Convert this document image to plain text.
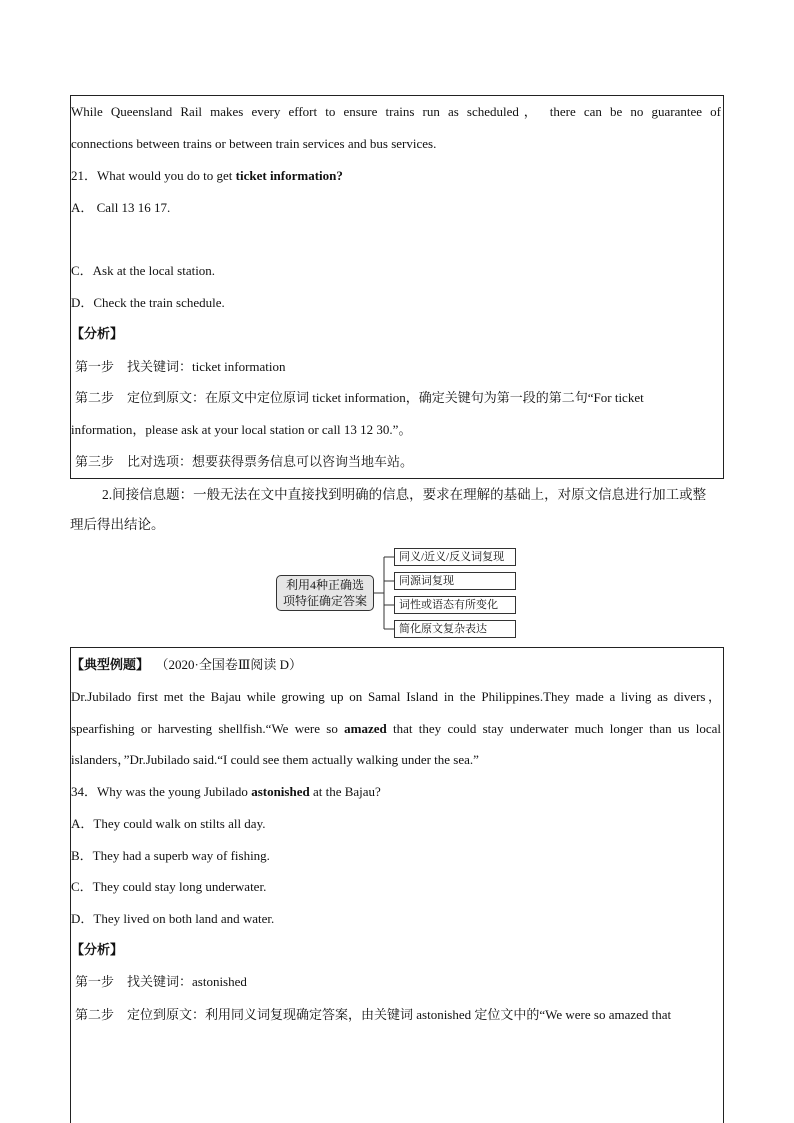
While Queensland Rail makes every effort to ensure trains run as scheduled， there can be no guarantee of
connections between trains or between train services and bus services.
21．What would you do to get ticket information?
A． Call 13 16 17.
C．Ask at the local station.
D．Check the train schedule.
【分析】
第一步　找关键词：ticket information
第二步　定位到原文：在原文中定位原词 ticket information，确定关键句为第一段的第二句“For ticket
information，please ask at your local station or call 13 12 30.”。
第三步　比对选项：想要获得票务信息可以咨询当地车站。
2.间接信息题：一般无法在文中直接找到明确的信息，要求在理解的基础上，对原文信息进行加工或整
理后得出结论。
利用4种正确选
项特征确定答案
同义/近义/反义词复现
同源词复现
词性或语态有所变化
简化原文复杂表达
【典型例题】 （2020·全国卷Ⅲ阅读 D）
Dr.Jubilado first met the Bajau while growing up on Samal Island in the Philippines.They made a living as divers，
spearfishing or harvesting shellfish.“We were so amazed that they could stay underwater much longer than us local
islanders，”Dr.Jubilado said.“I could see them actually walking under the sea.”
34．Why was the young Jubilado astonished at the Bajau?
A．They could walk on stilts all day.
B．They had a superb way of fishing.
C．They could stay long underwater.
D．They lived on both land and water.
【分析】
第一步　找关键词：astonished
第二步　定位到原文：利用同义词复现确定答案，由关键词 astonished 定位文中的“We were so amazed that
